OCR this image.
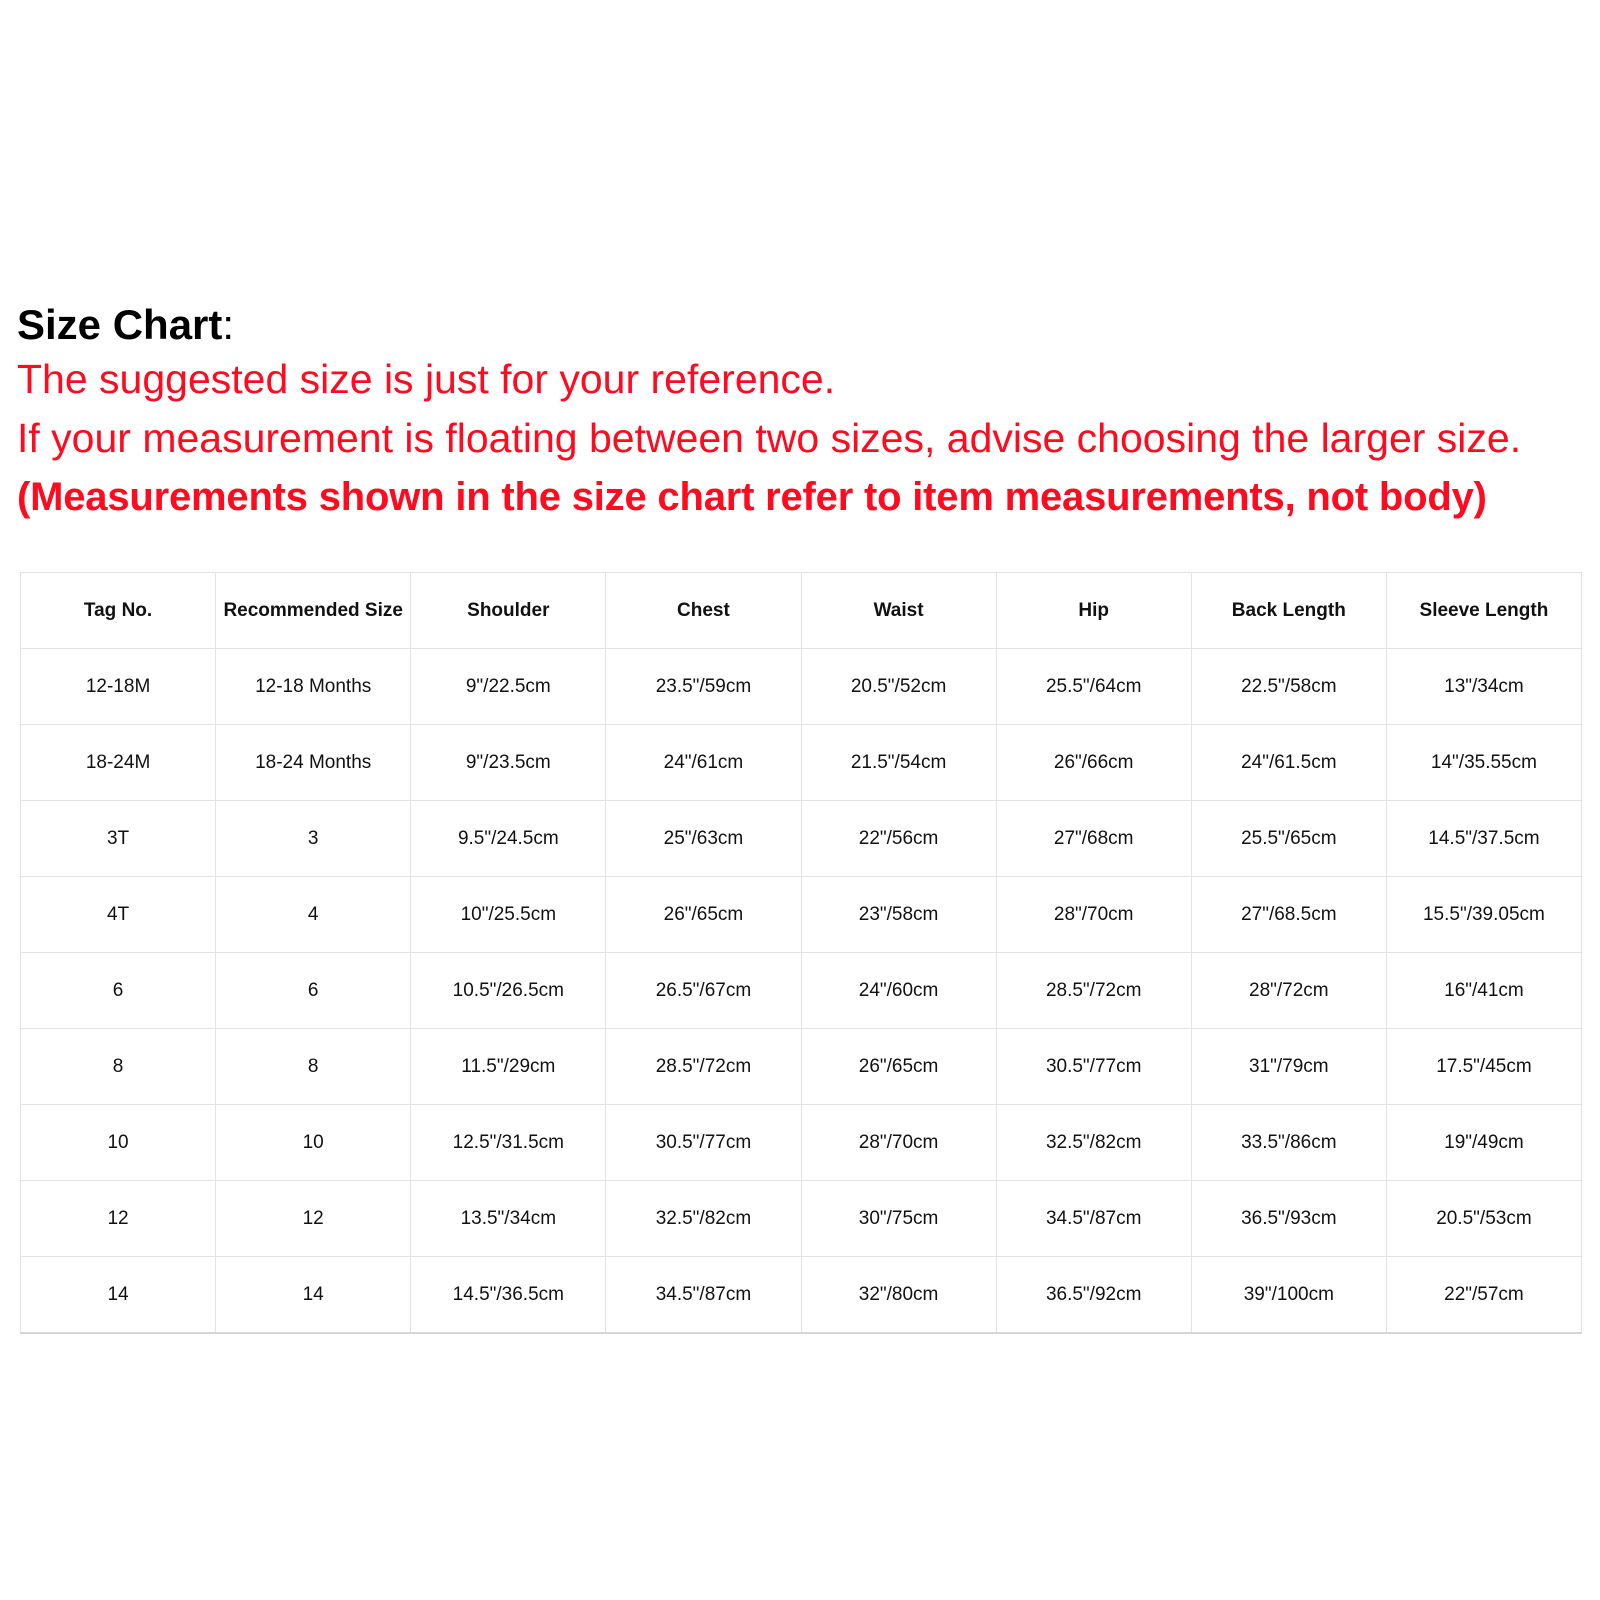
Size Chart:

The suggested size is just for your reference.

If your measurement is floating between two sizes, advise choosing the larger size.

(Measurements shown in the size chart refer to item measurements, not body)

Tag No.	Recommended Size	Shoulder	Chest	Waist	Hip	Back Length	Sleeve Length
12-18M	12-18 Months	9"/22.5cm	23.5"/59cm	20.5"/52cm	25.5"/64cm	22.5"/58cm	13"/34cm
18-24M	18-24 Months	9"/23.5cm	24"/61cm	21.5"/54cm	26"/66cm	24"/61.5cm	14"/35.55cm
3T	3	9.5"/24.5cm	25"/63cm	22"/56cm	27"/68cm	25.5"/65cm	14.5"/37.5cm
4T	4	10"/25.5cm	26"/65cm	23"/58cm	28"/70cm	27"/68.5cm	15.5"/39.05cm
6	6	10.5"/26.5cm	26.5"/67cm	24"/60cm	28.5"/72cm	28"/72cm	16"/41cm
8	8	11.5"/29cm	28.5"/72cm	26"/65cm	30.5"/77cm	31"/79cm	17.5"/45cm
10	10	12.5"/31.5cm	30.5"/77cm	28"/70cm	32.5"/82cm	33.5"/86cm	19"/49cm
12	12	13.5"/34cm	32.5"/82cm	30"/75cm	34.5"/87cm	36.5"/93cm	20.5"/53cm
14	14	14.5"/36.5cm	34.5"/87cm	32"/80cm	36.5"/92cm	39"/100cm	22"/57cm
